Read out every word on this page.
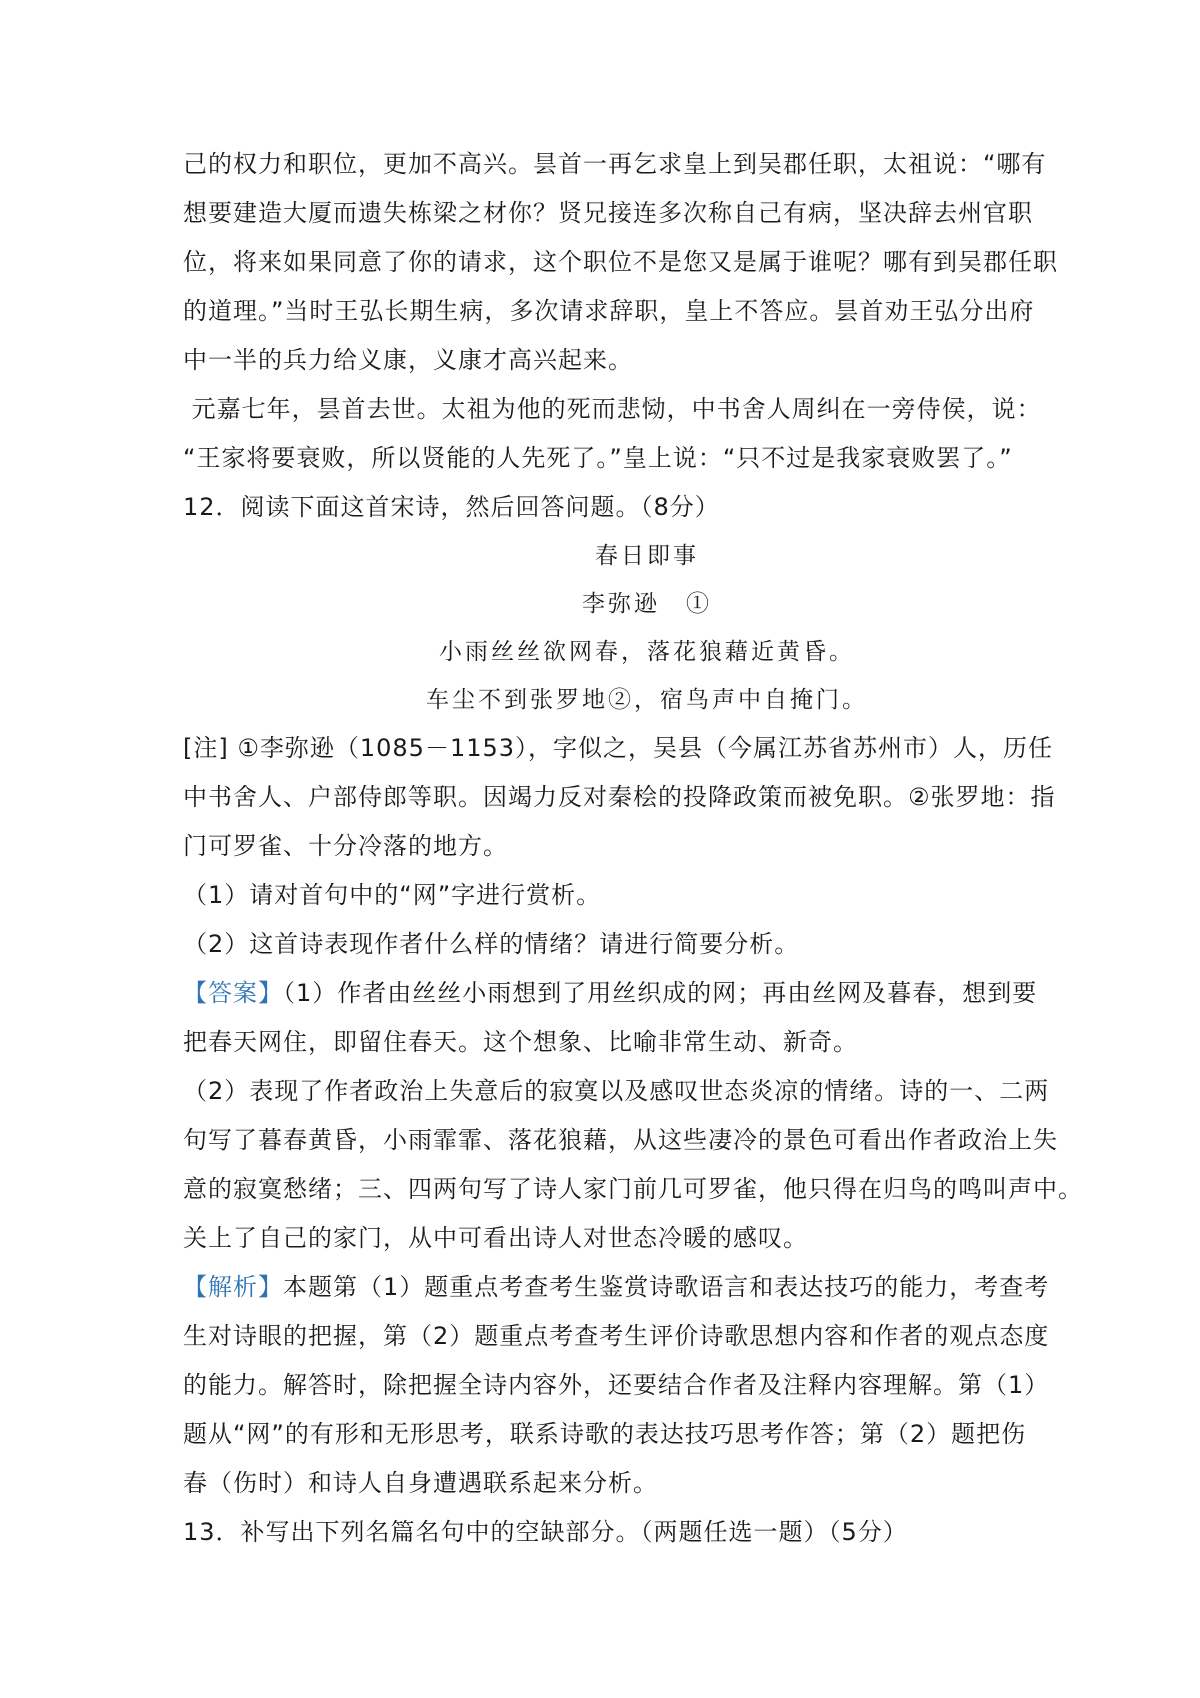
己的权力和职位，更加不高兴。昙首一再乞求皇上到吴郡任职，太祖说：“哪有

想要建造大厦而遗失栋梁之材你？贤兄接连多次称自己有病，坚决辞去州官职

位，将来如果同意了你的请求，这个职位不是您又是属于谁呢？哪有到吴郡任职

的道理。”当时王弘长期生病，多次请求辞职，皇上不答应。昙首劝王弘分出府

中一半的兵力给义康，义康才高兴起来。

元嘉七年，昙首去世。太祖为他的死而悲恸，中书舍人周纠在一旁侍侯，说：

“王家将要衰败，所以贤能的人先死了。”皇上说：“只不过是我家衰败罢了。”

12．阅读下面这首宋诗，然后回答问题。（8分）

春日即事

李弥逊　①

小雨丝丝欲网春，落花狼藉近黄昏。

车尘不到张罗地②，宿鸟声中自掩门。

[注] ①李弥逊（1085－1153），字似之，吴县（今属江苏省苏州市）人，历任

中书舍人、户部侍郎等职。因竭力反对秦桧的投降政策而被免职。②张罗地：指

门可罗雀、十分冷落的地方。

（1）请对首句中的“网”字进行赏析。

（2）这首诗表现作者什么样的情绪？请进行简要分析。

【答案】（1）作者由丝丝小雨想到了用丝织成的网；再由丝网及暮春，想到要

把春天网住，即留住春天。这个想象、比喻非常生动、新奇。

（2）表现了作者政治上失意后的寂寞以及感叹世态炎凉的情绪。诗的一、二两

句写了暮春黄昏，小雨霏霏、落花狼藉，从这些凄冷的景色可看出作者政治上失

意的寂寞愁绪；三、四两句写了诗人家门前几可罗雀，他只得在归鸟的鸣叫声中。

关上了自己的家门，从中可看出诗人对世态冷暖的感叹。

【解析】本题第（1）题重点考查考生鉴赏诗歌语言和表达技巧的能力，考查考

生对诗眼的把握，第（2）题重点考查考生评价诗歌思想内容和作者的观点态度

的能力。解答时，除把握全诗内容外，还要结合作者及注释内容理解。第（1）

题从“网”的有形和无形思考，联系诗歌的表达技巧思考作答；第（2）题把伤

春（伤时）和诗人自身遭遇联系起来分析。

13．补写出下列名篇名句中的空缺部分。（两题任选一题）（5分）
